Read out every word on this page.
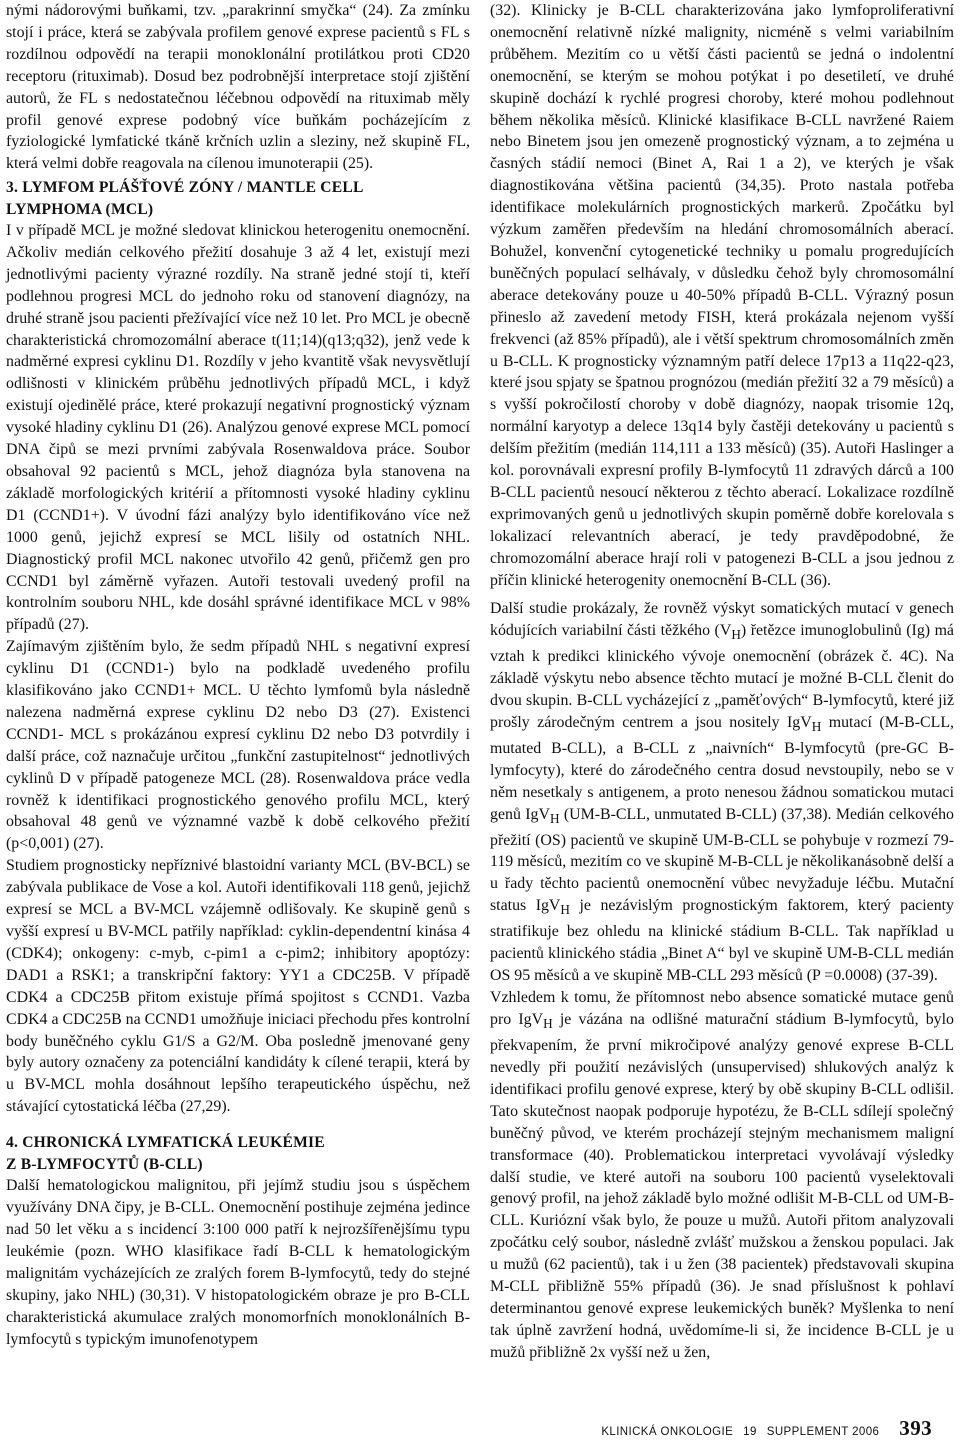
nými nádorovými buňkami, tzv. „parakrinní smyčka“ (24). Za zmínku stojí i práce, která se zabývala profilem genové exprese pacientů s FL s rozdílnou odpovědí na terapii monoklonální protilátkou proti CD20 receptoru (rituximab). Dosud bez podrobnější interpretace stojí zjištění autorů, že FL s nedostatečnou léčebnou odpovědí na rituximab měly profil genové exprese podobný více buňkám pocházejícím z fyziologické lymfatické tkáně krčních uzlin a sleziny, než skupině FL, která velmi dobře reagovala na cílenou imunoterapii (25).

3. LYMFOM PLÁŠŤOVÉ ZÓNY / MANTLE CELL
LYMPHOMA (MCL)

I v případě MCL je možné sledovat klinickou heterogenitu onemocnění. Ačkoliv medián celkového přežití dosahuje 3 až 4 let, existují mezi jednotlivými pacienty výrazné rozdíly. Na straně jedné stojí ti, kteří podlehnou progresi MCL do jednoho roku od stanovení diagnózy, na druhé straně jsou pacienti přežívající více než 10 let. Pro MCL je obecně charakteristická chromozomální aberace t(11;14)(q13;q32), jenž vede k nadměrné expresi cyklinu D1. Rozdíly v jeho kvantitě však nevysvětlují odlišnosti v klinickém průběhu jednotlivých případů MCL, i když existují ojedinělé práce, které prokazují negativní prognostický význam vysoké hladiny cyklinu D1 (26). Analýzou genové exprese MCL pomocí DNA čipů se mezi prvními zabývala Rosenwaldova práce. Soubor obsahoval 92 pacientů s MCL, jehož diagnóza byla stanovena na základě morfologických kritérií a přítomnosti vysoké hladiny cyklinu D1 (CCND1+). V úvodní fázi analýzy bylo identifikováno více než 1000 genů, jejichž expresí se MCL lišily od ostatních NHL. Diagnostický profil MCL nakonec utvořilo 42 genů, přičemž gen pro CCND1 byl záměrně vyřazen. Autoři testovali uvedený profil na kontrolním souboru NHL, kde dosáhl správné identifikace MCL v 98% případů (27).

Zajímavým zjištěním bylo, že sedm případů NHL s negativní expresí cyklinu D1 (CCND1-) bylo na podkladě uvedeného profilu klasifikováno jako CCND1+ MCL. U těchto lymfomů byla následně nalezena nadměrná exprese cyklinu D2 nebo D3 (27). Existenci CCND1- MCL s prokázánou expresí cyklinu D2 nebo D3 potvrdily i další práce, což naznačuje určitou „funkční zastupitelnost“ jednotlivých cyklinů D v případě patogeneze MCL (28). Rosenwaldova práce vedla rovněž k identifikaci prognostického genového profilu MCL, který obsahoval 48 genů ve významné vazbě k době celkového přežití (p<0,001) (27).

Studiem prognosticky nepříznivé blastoidní varianty MCL (BV-BCL) se zabývala publikace de Vose a kol. Autoři identifikovali 118 genů, jejichž expresí se MCL a BV-MCL vzájemně odlišovaly. Ke skupině genů s vyšší expresí u BV-MCL patřily například: cyklin-dependentní kinása 4 (CDK4); onkogeny: c-myb, c-pim1 a c-pim2; inhibitory apoptózy: DAD1 a RSK1; a transkripční faktory: YY1 a CDC25B. V případě CDK4 a CDC25B přitom existuje přímá spojitost s CCND1. Vazba CDK4 a CDC25B na CCND1 umožňuje iniciaci přechodu přes kontrolní body buněčného cyklu G1/S a G2/M. Oba posledně jmenované geny byly autory označeny za potenciální kandidáty k cílené terapii, která by u BV-MCL mohla dosáhnout lepšího terapeutického úspěchu, než stávající cytostatická léčba (27,29).

4. CHRONICKÁ LYMFATICKÁ LEUKÉMIE
Z B-LYMFOCYTŮ (B-CLL)

Další hematologickou malignitou, při jejímž studiu jsou s úspěchem využívány DNA čipy, je B-CLL. Onemocnění postihuje zejména jedince nad 50 let věku a s incidencí 3:100 000 patří k nejrozšířenějšímu typu leukémie (pozn. WHO klasifikace řadí B-CLL k hematologickým malignitám vycházejících ze zralých forem B-lymfocytů, tedy do stejné skupiny, jako NHL) (30,31). V histopatologickém obraze je pro B-CLL charakteristická akumulace zralých monomorfních monoklonálních B-lymfocytů s typickým imunofenotypem

(32). Klinicky je B-CLL charakterizována jako lymfoproliferativní onemocnění relativně nízké malignity, nicméně s velmi variabilním průběhem. Mezitím co u větší části pacientů se jedná o indolentní onemocnění, se kterým se mohou potýkat i po desetiletí, ve druhé skupině dochází k rychlé progresi choroby, které mohou podlehnout během několika měsíců. Klinické klasifikace B-CLL navržené Raiem nebo Binetem jsou jen omezeně prognostický význam, a to zejména u časných stádií nemoci (Binet A, Rai 1 a 2), ve kterých je však diagnostikována většina pacientů (34,35). Proto nastala potřeba identifikace molekulárních prognostických markerů. Zpočátku byl výzkum zaměřen především na hledání chromosomálních aberací. Bohužel, konvenční cytogenetické techniky u pomalu progredujících buněčných populací selhávaly, v důsledku čehož byly chromosomální aberace detekovány pouze u 40-50% případů B-CLL. Výrazný posun přineslo až zavedení metody FISH, která prokázala nejenom vyšší frekvenci (až 85% případů), ale i větší spektrum chromosomálních změn u B-CLL. K prognosticky významným patří delece 17p13 a 11q22-q23, které jsou spjaty se špatnou prognózou (medián přežití 32 a 79 měsíců) a s vyšší pokročilostí choroby v době diagnózy, naopak trisomie 12q, normální karyotyp a delece 13q14 byly častěji detekovány u pacientů s delším přežitím (medián 114,111 a 133 měsíců) (35). Autoři Haslinger a kol. porovnávali expresní profily B-lymfocytů 11 zdravých dárců a 100 B-CLL pacientů nesoucí některou z těchto aberací. Lokalizace rozdílně exprimovaných genů u jednotlivých skupin poměrně dobře korelovala s lokalizací relevantních aberací, je tedy pravděpodobné, že chromozomální aberace hrají roli v patogenezi B-CLL a jsou jednou z příčin klinické heterogenity onemocnění B-CLL (36).

Další studie prokázaly, že rovněž výskyt somatických mutací v genech kódujících variabilní části těžkého $(V_H)$ řetězce imunoglobulinů (Ig) má vztah k predikci klinického vývoje onemocnění (obrázek č. 4C). Na základě výskytu nebo absence těchto mutací je možné B-CLL členit do dvou skupin. B-CLL vycházející z „paměťových“ B-lymfocytů, které již prošly zárodečným centrem a jsou nositely IgV$_H$ mutací (M-B-CLL, mutated B-CLL), a B-CLL z „naivních“ B-lymfocytů (pre-GC B-lymfocyty), které do zárodečného centra dosud nevstoupily, nebo se v něm nesetkaly s antigenem, a proto nenesou žádnou somatickou mutaci genů IgV$_H$ (UM-B-CLL, unmutated B-CLL) (37,38). Medián celkového přežití (OS) pacientů ve skupině UM-B-CLL se pohybuje v rozmezí 79-119 měsíců, mezitím co ve skupině M-B-CLL je několikanásobně delší a u řady těchto pacientů onemocnění vůbec nevyžaduje léčbu. Mutační status IgV$_H$ je nezávislým prognostickým faktorem, který pacienty stratifikuje bez ohledu na klinické stádium B-CLL. Tak například u pacientů klinického stádia „Binet A“ byl ve skupině UM-B-CLL medián OS 95 měsíců a ve skupině MB-CLL 293 měsíců (P =0.0008) (37-39).

Vzhledem k tomu, že přítomnost nebo absence somatické mutace genů pro IgV$_H$ je vázána na odlišné maturační stádium B-lymfocytů, bylo překvapením, že první mikročipové analýzy genové exprese B-CLL nevedly při použití nezávislých (unsupervised) shlukových analýz k identifikaci profilu genové exprese, který by obě skupiny B-CLL odlišil. Tato skutečnost naopak podporuje hypotézu, že B-CLL sdílejí společný buněčný původ, ve kterém procházejí stejným mechanismem maligní transformace (40). Problematickou interpretaci vyvolávají výsledky další studie, ve které autoři na souboru 100 pacientů vyselektovali genový profil, na jehož základě bylo možné odlišit M-B-CLL od UM-B-CLL. Kuriózní však bylo, že pouze u mužů. Autoři přitom analyzovali zpočátku celý soubor, následně zvlášť mužskou a ženskou populaci. Jak u mužů (62 pacientů), tak i u žen (38 pacientek) představovali skupina M-CLL přibližně 55% případů (36). Je snad příslušnost k pohlaví determinantou genové exprese leukemických buněk? Myšlenka to není tak úplně zavržení hodná, uvědomíme-li si, že incidence B-CLL je u mužů přibližně 2x vyšší než u žen,

KLINICKÁ ONKOLOGIE 19 SUPPLEMENT 2006 393
